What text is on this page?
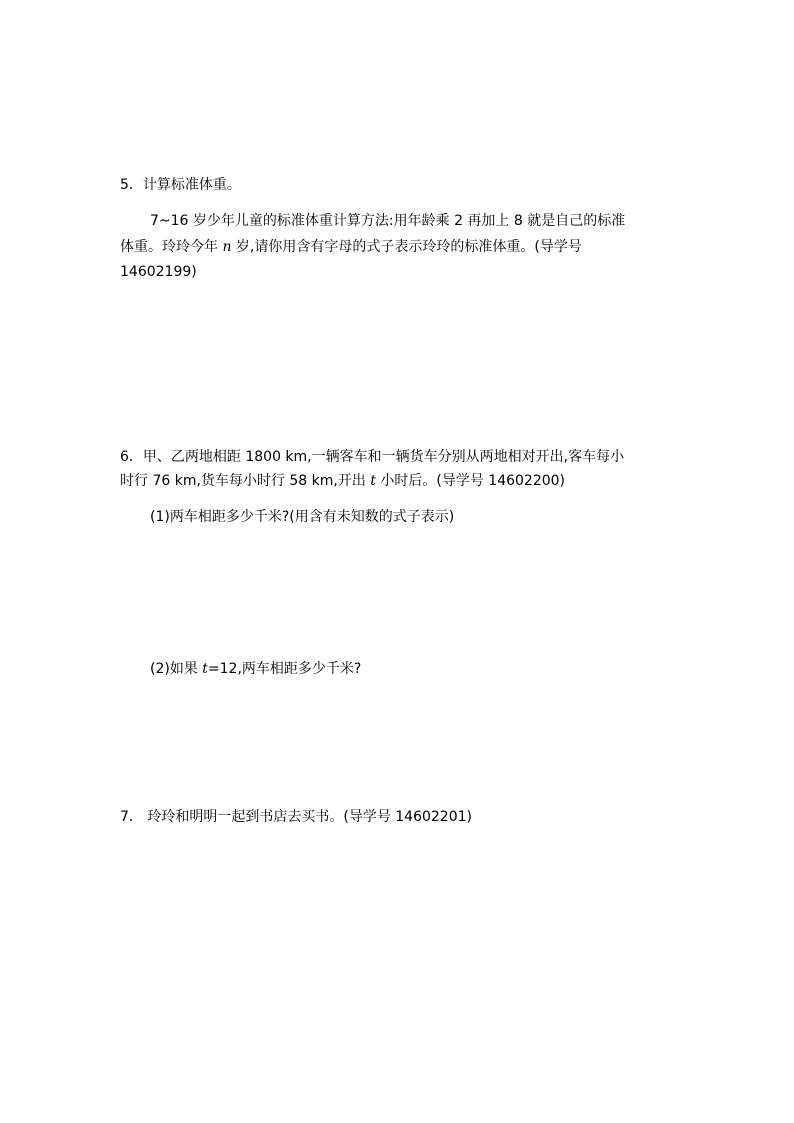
5．计算标准体重。
7~16 岁少年儿童的标准体重计算方法:用年龄乘 2 再加上 8 就是自己的标准
体重。玲玲今年 n 岁,请你用含有字母的式子表示玲玲的标准体重。(导学号
14602199)
6．甲、乙两地相距 1800 km,一辆客车和一辆货车分别从两地相对开出,客车每小
时行 76 km,货车每小时行 58 km,开出 t 小时后。(导学号 14602200)
(1)两车相距多少千米?(用含有未知数的式子表示)
(2)如果 t=12,两车相距多少千米?
7． 玲玲和明明一起到书店去买书。(导学号 14602201)
